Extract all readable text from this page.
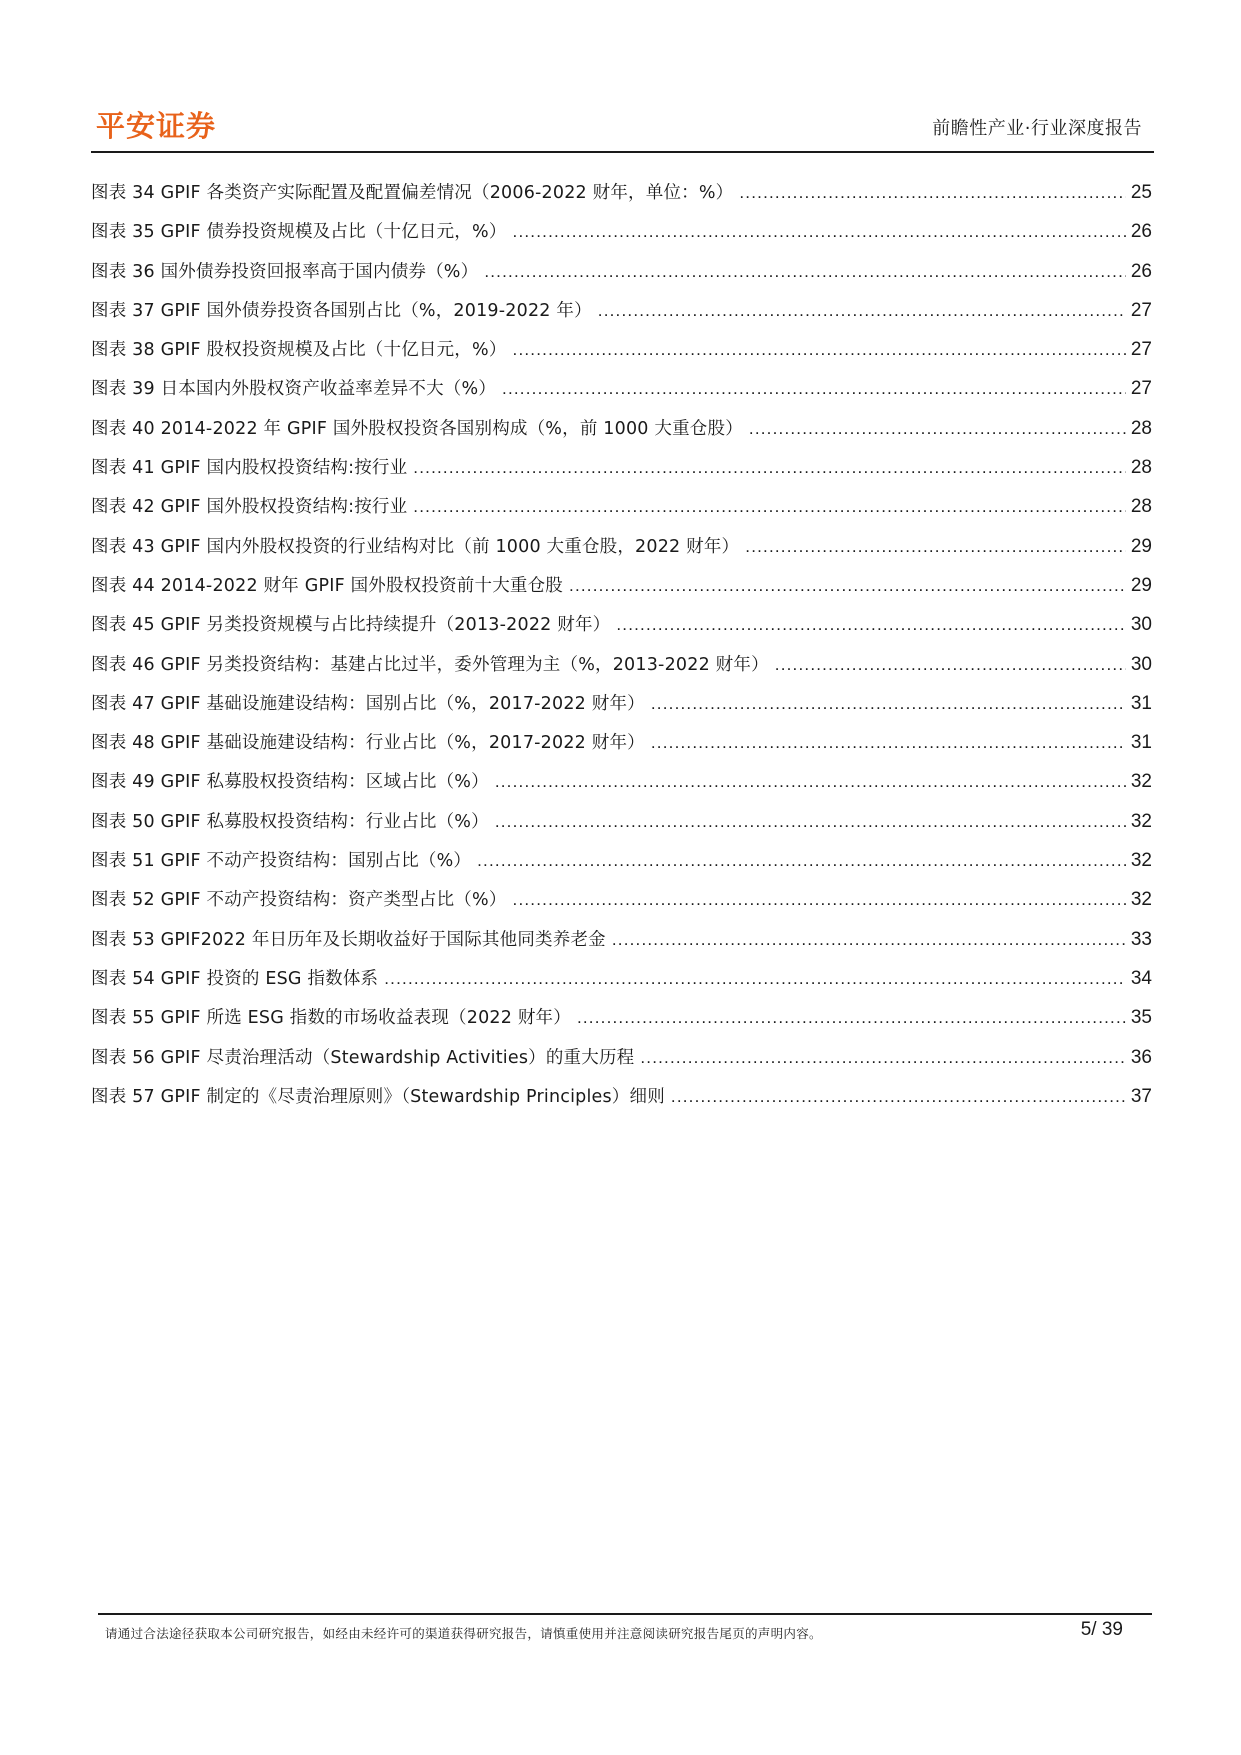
平安证券	前瞻性产业·行业深度报告
图表 34 GPIF 各类资产实际配置及配置偏差情况（2006-2022 财年，单位：%） .....	25
图表 35 GPIF 债券投资规模及占比（十亿日元，%） .....	26
图表 36 国外债券投资回报率高于国内债券（%） .....	26
图表 37 GPIF 国外债券投资各国别占比（%，2019-2022 年） .....	27
图表 38 GPIF 股权投资规模及占比（十亿日元，%） .....	27
图表 39 日本国内外股权资产收益率差异不大（%） .....	27
图表 40 2014-2022 年 GPIF 国外股权投资各国别构成（%，前 1000 大重仓股） .....	28
图表 41 GPIF 国内股权投资结构:按行业 .....	28
图表 42 GPIF 国外股权投资结构:按行业 .....	28
图表 43 GPIF 国内外股权投资的行业结构对比（前 1000 大重仓股，2022 财年） .....	29
图表 44 2014-2022 财年 GPIF 国外股权投资前十大重仓股 .....	29
图表 45 GPIF 另类投资规模与占比持续提升（2013-2022 财年） .....	30
图表 46 GPIF 另类投资结构：基建占比过半，委外管理为主（%，2013-2022 财年） .....	30
图表 47 GPIF 基础设施建设结构：国别占比（%，2017-2022 财年） .....	31
图表 48 GPIF 基础设施建设结构：行业占比（%，2017-2022 财年） .....	31
图表 49 GPIF 私募股权投资结构：区域占比（%） .....	32
图表 50 GPIF 私募股权投资结构：行业占比（%） .....	32
图表 51 GPIF 不动产投资结构：国别占比（%） .....	32
图表 52 GPIF 不动产投资结构：资产类型占比（%） .....	32
图表 53 GPIF2022 年日历年及长期收益好于国际其他同类养老金 .....	33
图表 54 GPIF 投资的 ESG 指数体系 .....	34
图表 55 GPIF 所选 ESG 指数的市场收益表现（2022 财年） .....	35
图表 56 GPIF 尽责治理活动（Stewardship Activities）的重大历程 .....	36
图表 57 GPIF 制定的《尽责治理原则》（Stewardship Principles）细则 .....	37
请通过合法途径获取本公司研究报告，如经由未经许可的渠道获得研究报告，请慎重使用并注意阅读研究报告尾页的声明内容。	5/ 39
